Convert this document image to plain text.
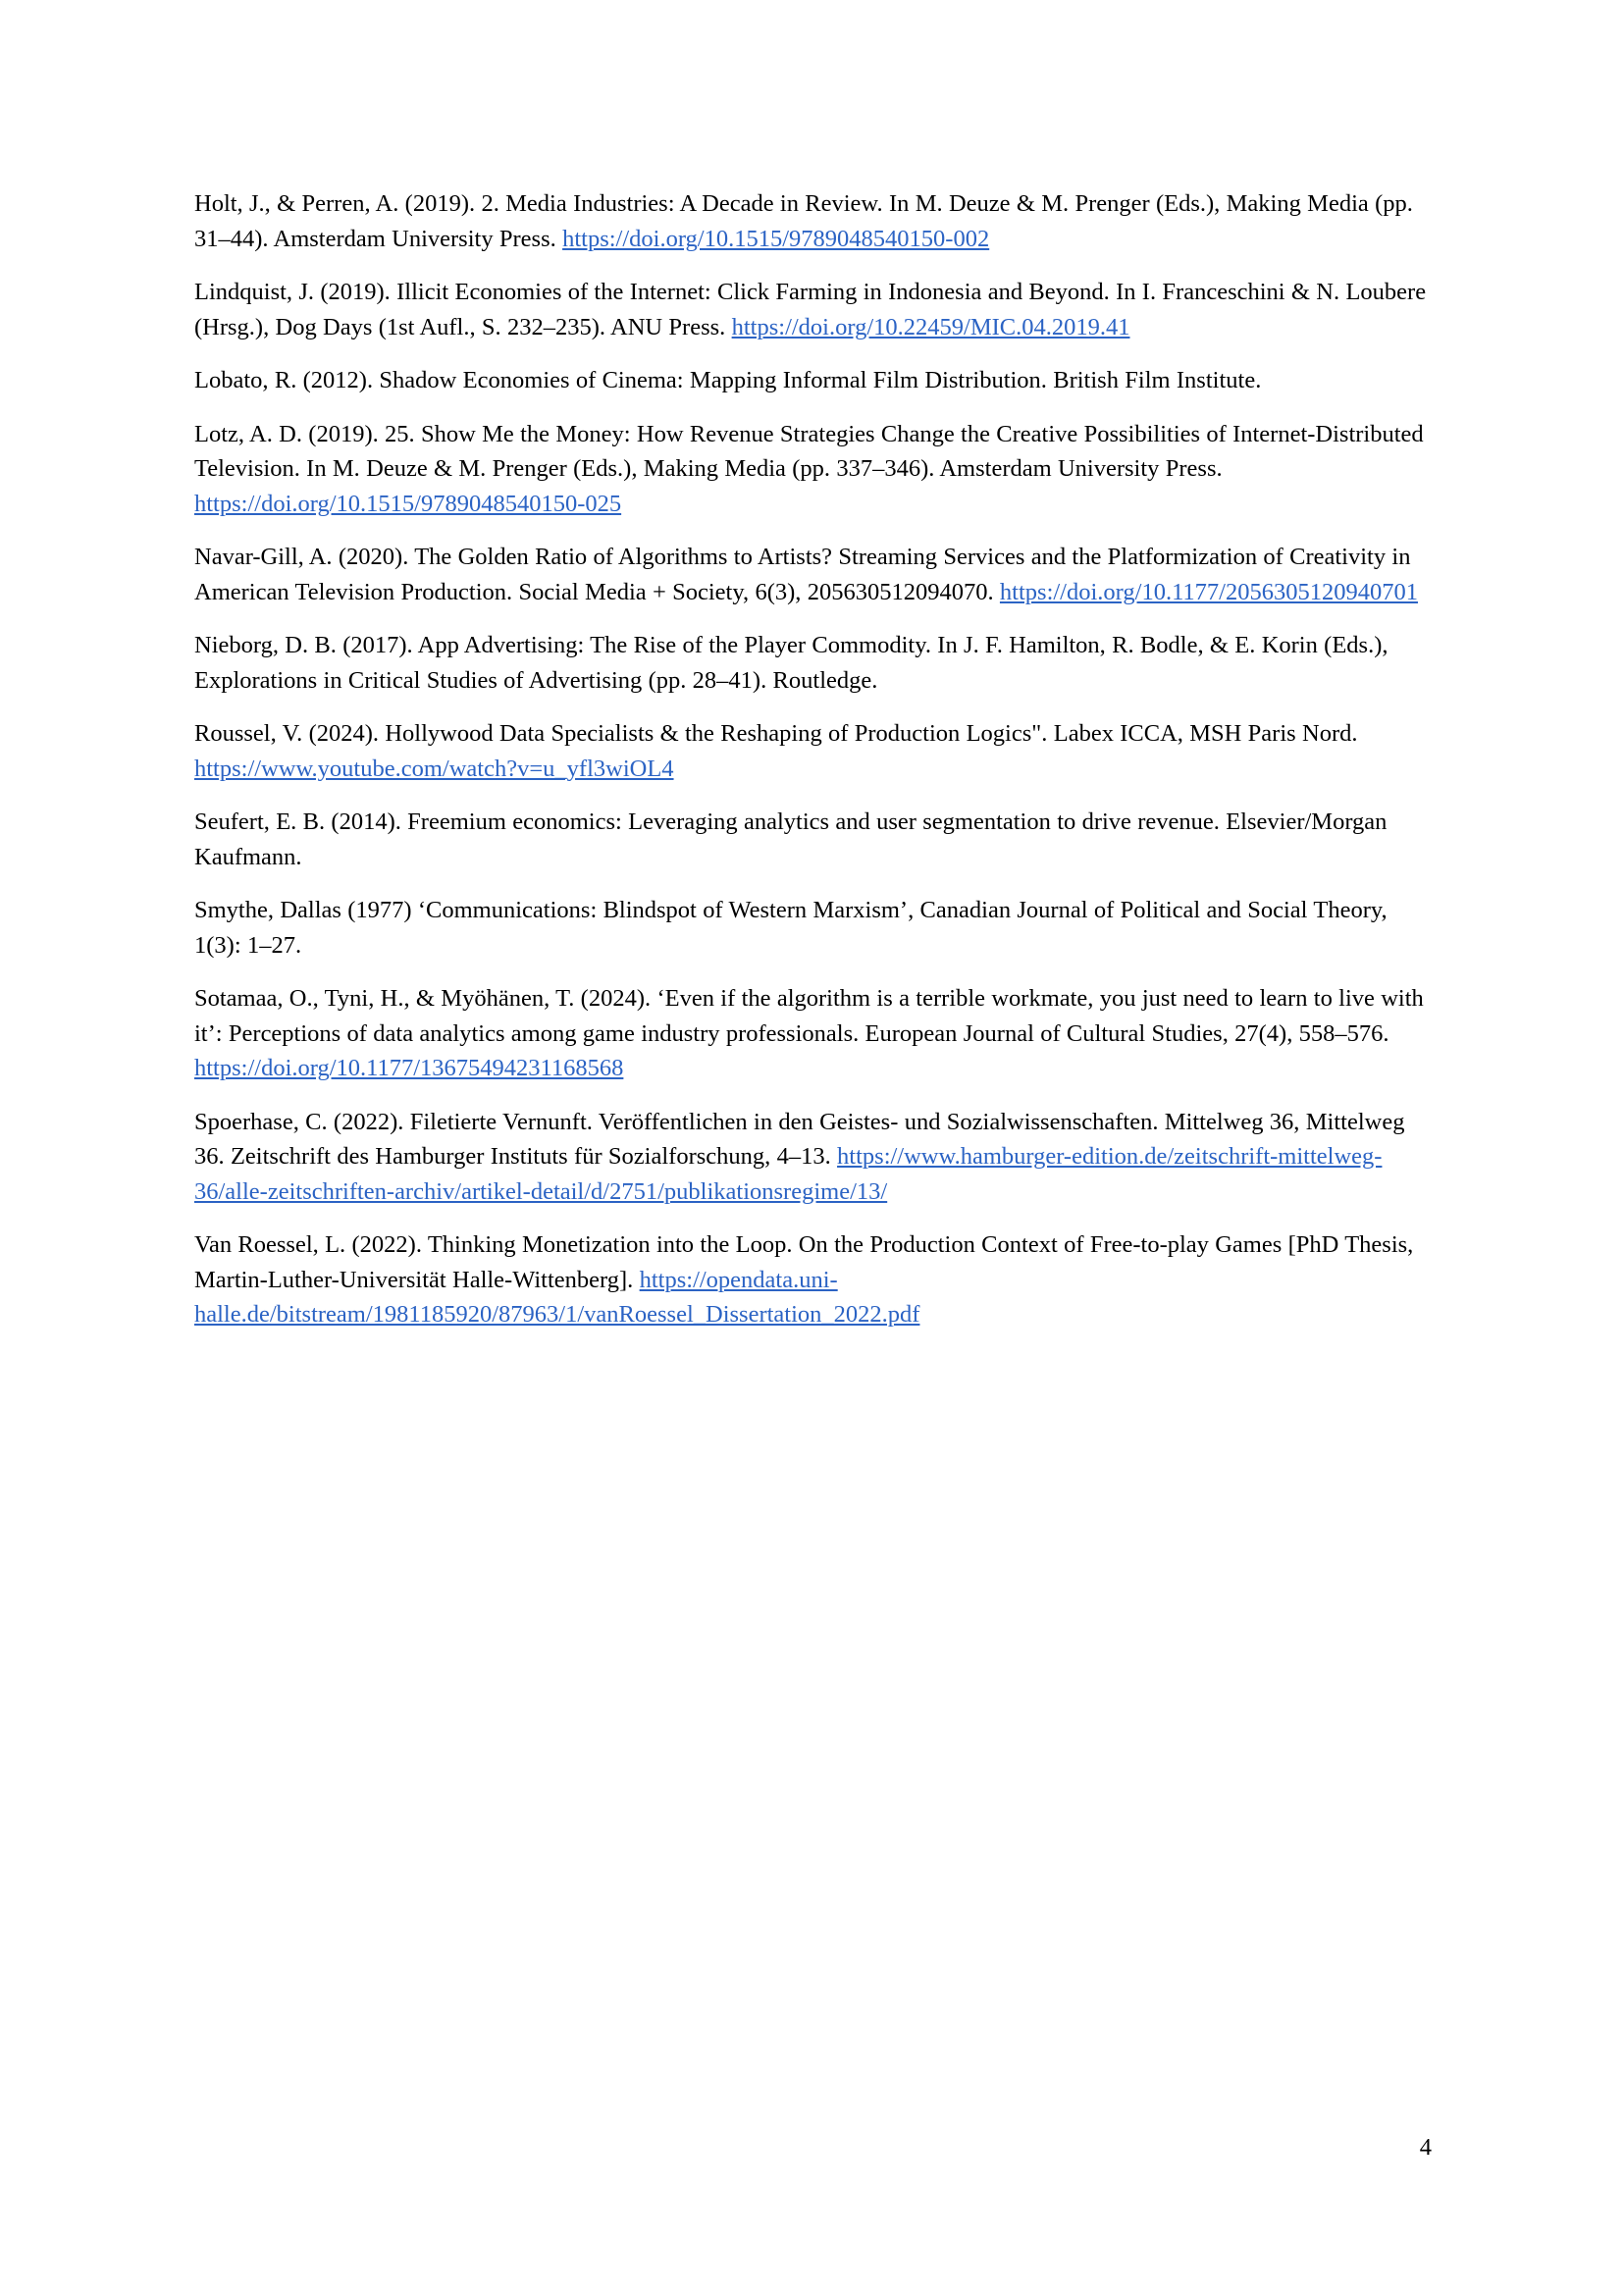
Holt, J., & Perren, A. (2019). 2. Media Industries: A Decade in Review. In M. Deuze & M. Prenger (Eds.), Making Media (pp. 31–44). Amsterdam University Press. https://doi.org/10.1515/9789048540150-002

Lindquist, J. (2019). Illicit Economies of the Internet: Click Farming in Indonesia and Beyond. In I. Franceschini & N. Loubere (Hrsg.), Dog Days (1st Aufl., S. 232–235). ANU Press. https://doi.org/10.22459/MIC.04.2019.41

Lobato, R. (2012). Shadow Economies of Cinema: Mapping Informal Film Distribution. British Film Institute.

Lotz, A. D. (2019). 25. Show Me the Money: How Revenue Strategies Change the Creative Possibilities of Internet-Distributed Television. In M. Deuze & M. Prenger (Eds.), Making Media (pp. 337–346). Amsterdam University Press. https://doi.org/10.1515/9789048540150-025

Navar-Gill, A. (2020). The Golden Ratio of Algorithms to Artists? Streaming Services and the Platformization of Creativity in American Television Production. Social Media + Society, 6(3), 205630512094070. https://doi.org/10.1177/2056305120940701

Nieborg, D. B. (2017). App Advertising: The Rise of the Player Commodity. In J. F. Hamilton, R. Bodle, & E. Korin (Eds.), Explorations in Critical Studies of Advertising (pp. 28–41). Routledge.

Roussel, V. (2024). Hollywood Data Specialists & the Reshaping of Production Logics". Labex ICCA, MSH Paris Nord. https://www.youtube.com/watch?v=u_yfl3wiOL4

Seufert, E. B. (2014). Freemium economics: Leveraging analytics and user segmentation to drive revenue. Elsevier/Morgan Kaufmann.

Smythe, Dallas (1977) ‘Communications: Blindspot of Western Marxism’, Canadian Journal of Political and Social Theory, 1(3): 1–27.

Sotamaa, O., Tyni, H., & Myöhänen, T. (2024). ‘Even if the algorithm is a terrible workmate, you just need to learn to live with it’: Perceptions of data analytics among game industry professionals. European Journal of Cultural Studies, 27(4), 558–576. https://doi.org/10.1177/13675494231168568

Spoerhase, C. (2022). Filetierte Vernunft. Veröffentlichen in den Geistes- und Sozialwissenschaften. Mittelweg 36, Mittelweg 36. Zeitschrift des Hamburger Instituts für Sozialforschung, 4–13. https://www.hamburger-edition.de/zeitschrift-mittelweg-36/alle-zeitschriften-archiv/artikel-detail/d/2751/publikationsregime/13/

Van Roessel, L. (2022). Thinking Monetization into the Loop. On the Production Context of Free-to-play Games [PhD Thesis, Martin-Luther-Universität Halle-Wittenberg]. https://opendata.uni-halle.de/bitstream/1981185920/87963/1/vanRoessel_Dissertation_2022.pdf

4
